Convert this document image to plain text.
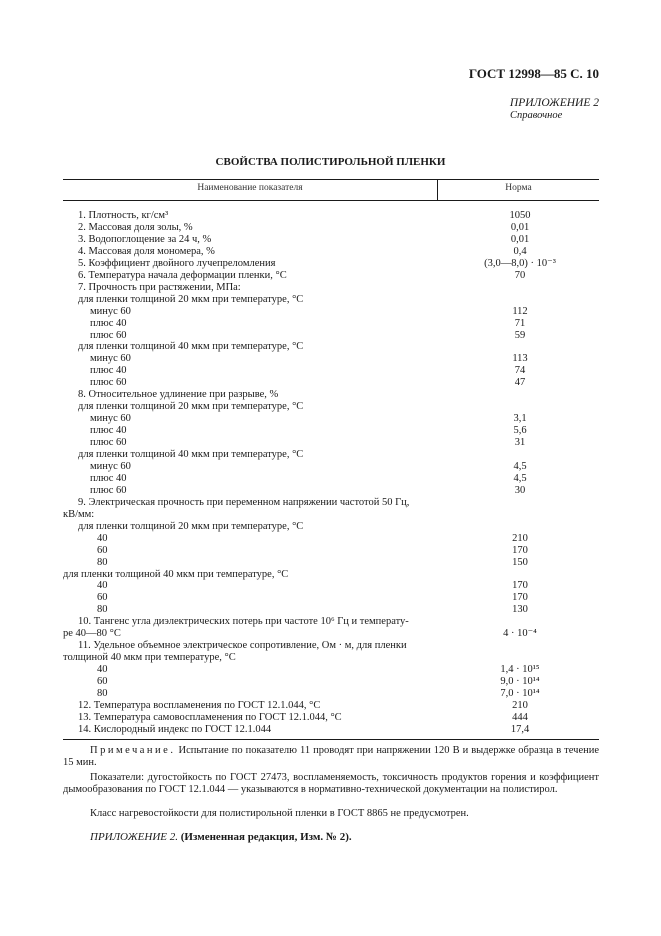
ГОСТ 12998—85 С. 10
ПРИЛОЖЕНИЕ 2
Справочное
СВОЙСТВА ПОЛИСТИРОЛЬНОЙ ПЛЕНКИ
Наименование показателя	Норма
1. Плотность, кг/см³	1050
2. Массовая доля золы, %	0,01
3. Водопоглощение за 24 ч, %	0,01
4. Массовая доля мономера, %	0,4
5. Коэффициент двойного лучепреломления	(3,0—8,0) · 10⁻³
6. Температура начала деформации пленки, °С	70
7. Прочность при растяжении, МПа:
для пленки толщиной 20 мкм при температуре, °С
минус 60	112
плюс 40	71
плюс 60	59
для пленки толщиной 40 мкм при температуре, °С
минус 60	113
плюс 40	74
плюс 60	47
8. Относительное удлинение при разрыве, %
для пленки толщиной 20 мкм при температуре, °С
минус 60	3,1
плюс 40	5,6
плюс 60	31
для пленки толщиной 40 мкм при температуре, °С
минус 60	4,5
плюс 40	4,5
плюс 60	30
9. Электрическая прочность при переменном напряжении частотой 50 Гц,
кВ/мм:
для пленки толщиной 20 мкм при температуре, °С
40	210
60	170
80	150
для пленки толщиной 40 мкм при температуре, °С
40	170
60	170
80	130
10. Тангенс угла диэлектрических потерь при частоте 10⁶ Гц и температу-
ре 40—80 °С	4 · 10⁻⁴
11. Удельное объемное электрическое сопротивление, Ом · м, для пленки
толщиной 40 мкм при температуре, °С
40	1,4 · 10¹⁵
60	9,0 · 10¹⁴
80	7,0 · 10¹⁴
12. Температура воспламенения по ГОСТ 12.1.044, °С	210
13. Температура самовоспламенения по ГОСТ 12.1.044, °С	444
14. Кислородный индекс по ГОСТ 12.1.044	17,4
Примечание. Испытание по показателю 11 проводят при напряжении 120 В и выдержке образца в течение 15 мин.
Показатели: дугостойкость по ГОСТ 27473, воспламеняемость, токсичность продуктов горения и коэффициент дымообразования по ГОСТ 12.1.044 — указываются в нормативно-технической документации на полистирол.
Класс нагревостойкости для полистирольной пленки в ГОСТ 8865 не предусмотрен.
ПРИЛОЖЕНИЕ 2. (Измененная редакция, Изм. № 2).
